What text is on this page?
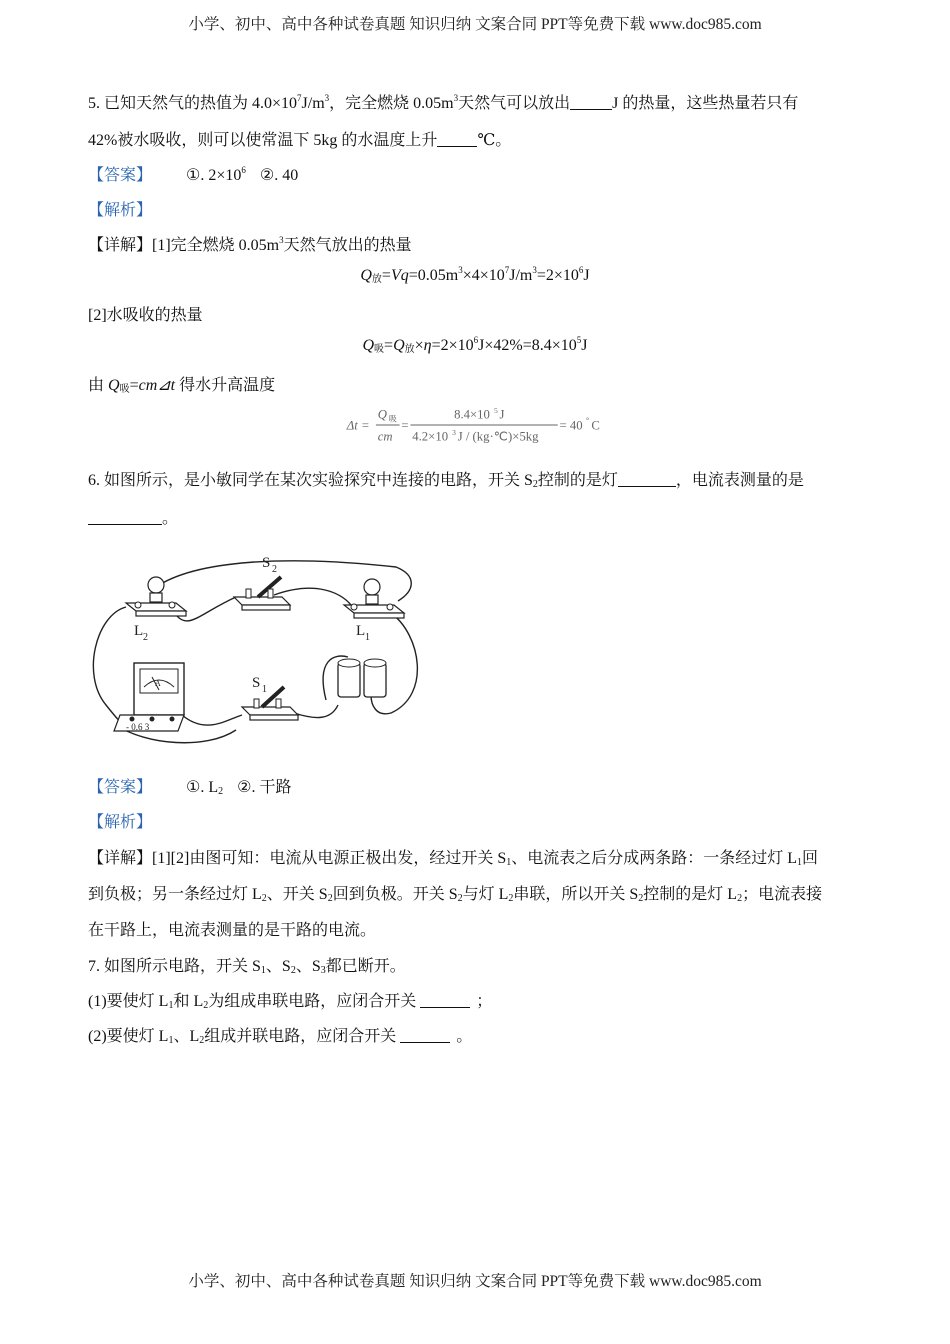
小学、初中、高中各种试卷真题 知识归纳 文案合同 PPT等免费下载 www.doc985.com
5. 已知天然气的热值为 $4.0\times 10^7J/m^3$，完全燃烧 $0.05m^3$天然气可以放出	J 的热量，这些热量若只有
42%被水吸收，则可以使常温下 5kg 的水温度上升	℃。
【答案】 ①. $2\times 10^6$ ②. 40
【解析】
【详解】[1]完全燃烧 $0.05m^3$天然气放出的热量
$Q_放=Vq=0.05m^3\times 4\times 10^7J/m^3=2\times 10^6J$
[2]水吸收的热量
$Q_吸=Q_放\times\eta=2\times 10^6J\times 42\%=8.4\times 10^5J$
由 $Q_吸=cm⊿t$ 得水升高温度
Δt =
Q 吸
cm
=
8.4×10 5 J
4.2×10 3 J / (kg·℃)×5kg
= 40 ° C
6. 如图所示，是小敏同学在某次实验探究中连接的电路，开关 $S_2$控制的是灯	，电流表测量的是
。
S 2
L 2	L 1
S 1
A
- 0.6 3
【答案】 ①. $L_2$ ②. 干路
【解析】
【详解】[1][2]由图可知：电流从电源正极出发，经过开关 $S_1$、电流表之后分成两条路：一条经过灯 $L_1$回
到负极；另一条经过灯 $L_2$、开关 $S_2$回到负极。开关 $S_2$与灯 $L_2$串联，所以开关 $S_2$控制的是灯 $L_2$；电流表接
在干路上，电流表测量的是干路的电流。
7. 如图所示电路，开关 $S_1$、$S_2$、$S_3$都已断开。
(1)要使灯 $L_1$和 $L_2$为组成串联电路，应闭合开关	；
(2)要使灯 $L_1$、$L_2$组成并联电路，应闭合开关	。
小学、初中、高中各种试卷真题 知识归纳 文案合同 PPT等免费下载 www.doc985.com
